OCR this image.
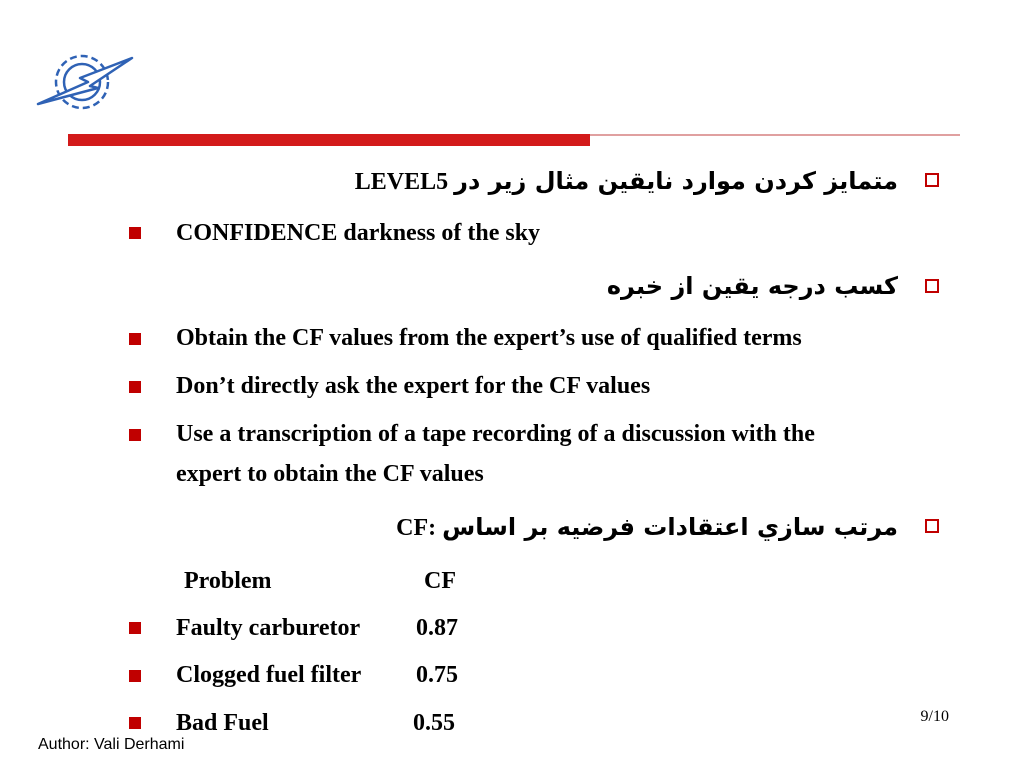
متمایز کردن موارد نایقین مثال زیر در LEVEL5
CONFIDENCE darkness of the sky
کسب درجه یقین از خبره
Obtain the CF values from the expert’s use of qualified terms
Don’t directly ask the expert for the CF values
Use a transcription of a tape recording of a discussion with the
expert to obtain the CF values
مرتب سازي اعتقادات فرضيه بر اساس CF:
Problem	CF
Faulty carburetor 0.87
Clogged fuel filter 0.75
Bad Fuel	0.55	9/10
Author: Vali Derhami
